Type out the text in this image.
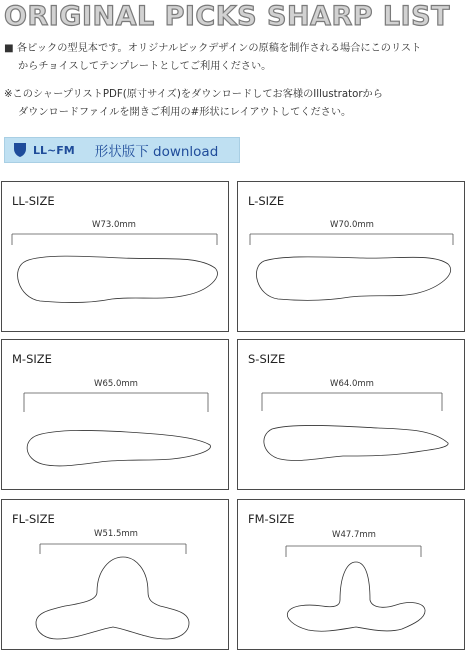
ORIGINAL PICKS SHARP LIST
■ 各ピックの型見本です。オリジナルピックデザインの原稿を制作される場合にこのリスト
からチョイスしてテンプレートとしてご利用ください。
※このシャープリストPDF(原寸サイズ)をダウンロードしてお客様のIllustratorから
ダウンロードファイルを開きご利用の#形状にレイアウトしてください。
LL~FM 形状版下 download
LL-SIZE
W73.0mm
L-SIZE
W70.0mm
M-SIZE
W65.0mm
S-SIZE
W64.0mm
FL-SIZE
W51.5mm
FM-SIZE
W47.7mm
